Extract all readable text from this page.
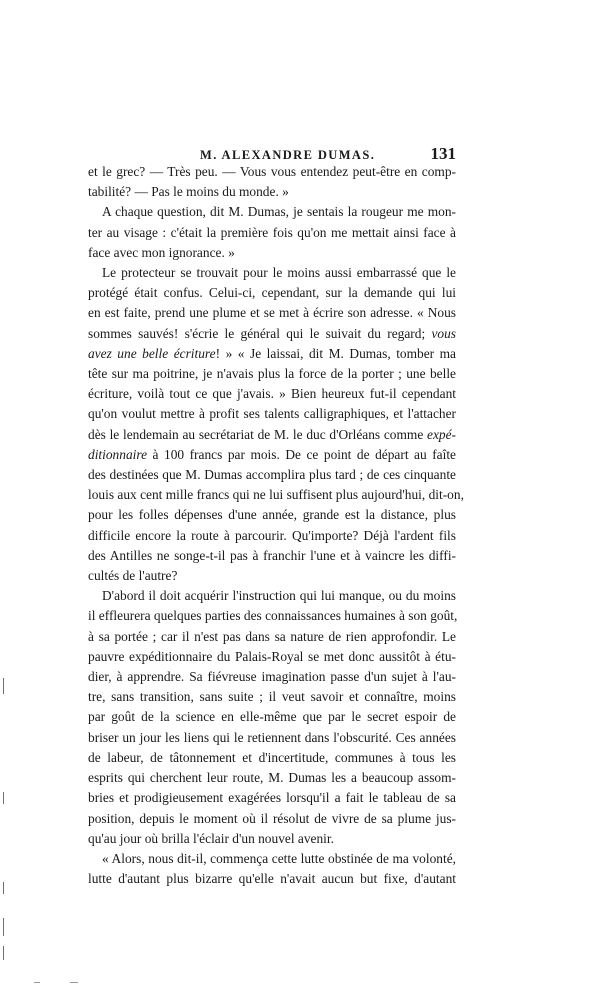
M. ALEXANDRE DUMAS.	131

et le grec? — Très peu. — Vous vous entendez peut-être en comp-
tabilité? — Pas le moins du monde. »

A chaque question, dit M. Dumas, je sentais la rougeur me mon-
ter au visage : c'était la première fois qu'on me mettait ainsi face à
face avec mon ignorance. »

Le protecteur se trouvait pour le moins aussi embarrassé que le
protégé était confus. Celui-ci, cependant, sur la demande qui lui
en est faite, prend une plume et se met à écrire son adresse. « Nous
sommes sauvés! s'écrie le général qui le suivait du regard; vous
avez une belle écriture! » « Je laissai, dit M. Dumas, tomber ma
tête sur ma poitrine, je n'avais plus la force de la porter ; une belle
écriture, voilà tout ce que j'avais. » Bien heureux fut-il cependant
qu'on voulut mettre à profit ses talents calligraphiques, et l'attacher
dès le lendemain au secrétariat de M. le duc d'Orléans comme expé-
ditionnaire à 100 francs par mois. De ce point de départ au faîte
des destinées que M. Dumas accomplira plus tard ; de ces cinquante
louis aux cent mille francs qui ne lui suffisent plus aujourd'hui, dit-on,
pour les folles dépenses d'une année, grande est la distance, plus
difficile encore la route à parcourir. Qu'importe? Déjà l'ardent fils
des Antilles ne songe-t-il pas à franchir l'une et à vaincre les diffi-
cultés de l'autre?

D'abord il doit acquérir l'instruction qui lui manque, ou du moins
il effleurera quelques parties des connaissances humaines à son goût,
à sa portée ; car il n'est pas dans sa nature de rien approfondir. Le
pauvre expéditionnaire du Palais-Royal se met donc aussitôt à étu-
dier, à apprendre. Sa fiévreuse imagination passe d'un sujet à l'au-
tre, sans transition, sans suite ; il veut savoir et connaître, moins
par goût de la science en elle-même que par le secret espoir de
briser un jour les liens qui le retiennent dans l'obscurité. Ces années
de labeur, de tâtonnement et d'incertitude, communes à tous les
esprits qui cherchent leur route, M. Dumas les a beaucoup assom-
bries et prodigieusement exagérées lorsqu'il a fait le tableau de sa
position, depuis le moment où il résolut de vivre de sa plume jus-
qu'au jour où brilla l'éclair d'un nouvel avenir.

« Alors, nous dit-il, commença cette lutte obstinée de ma volonté,
lutte d'autant plus bizarre qu'elle n'avait aucun but fixe, d'autant
